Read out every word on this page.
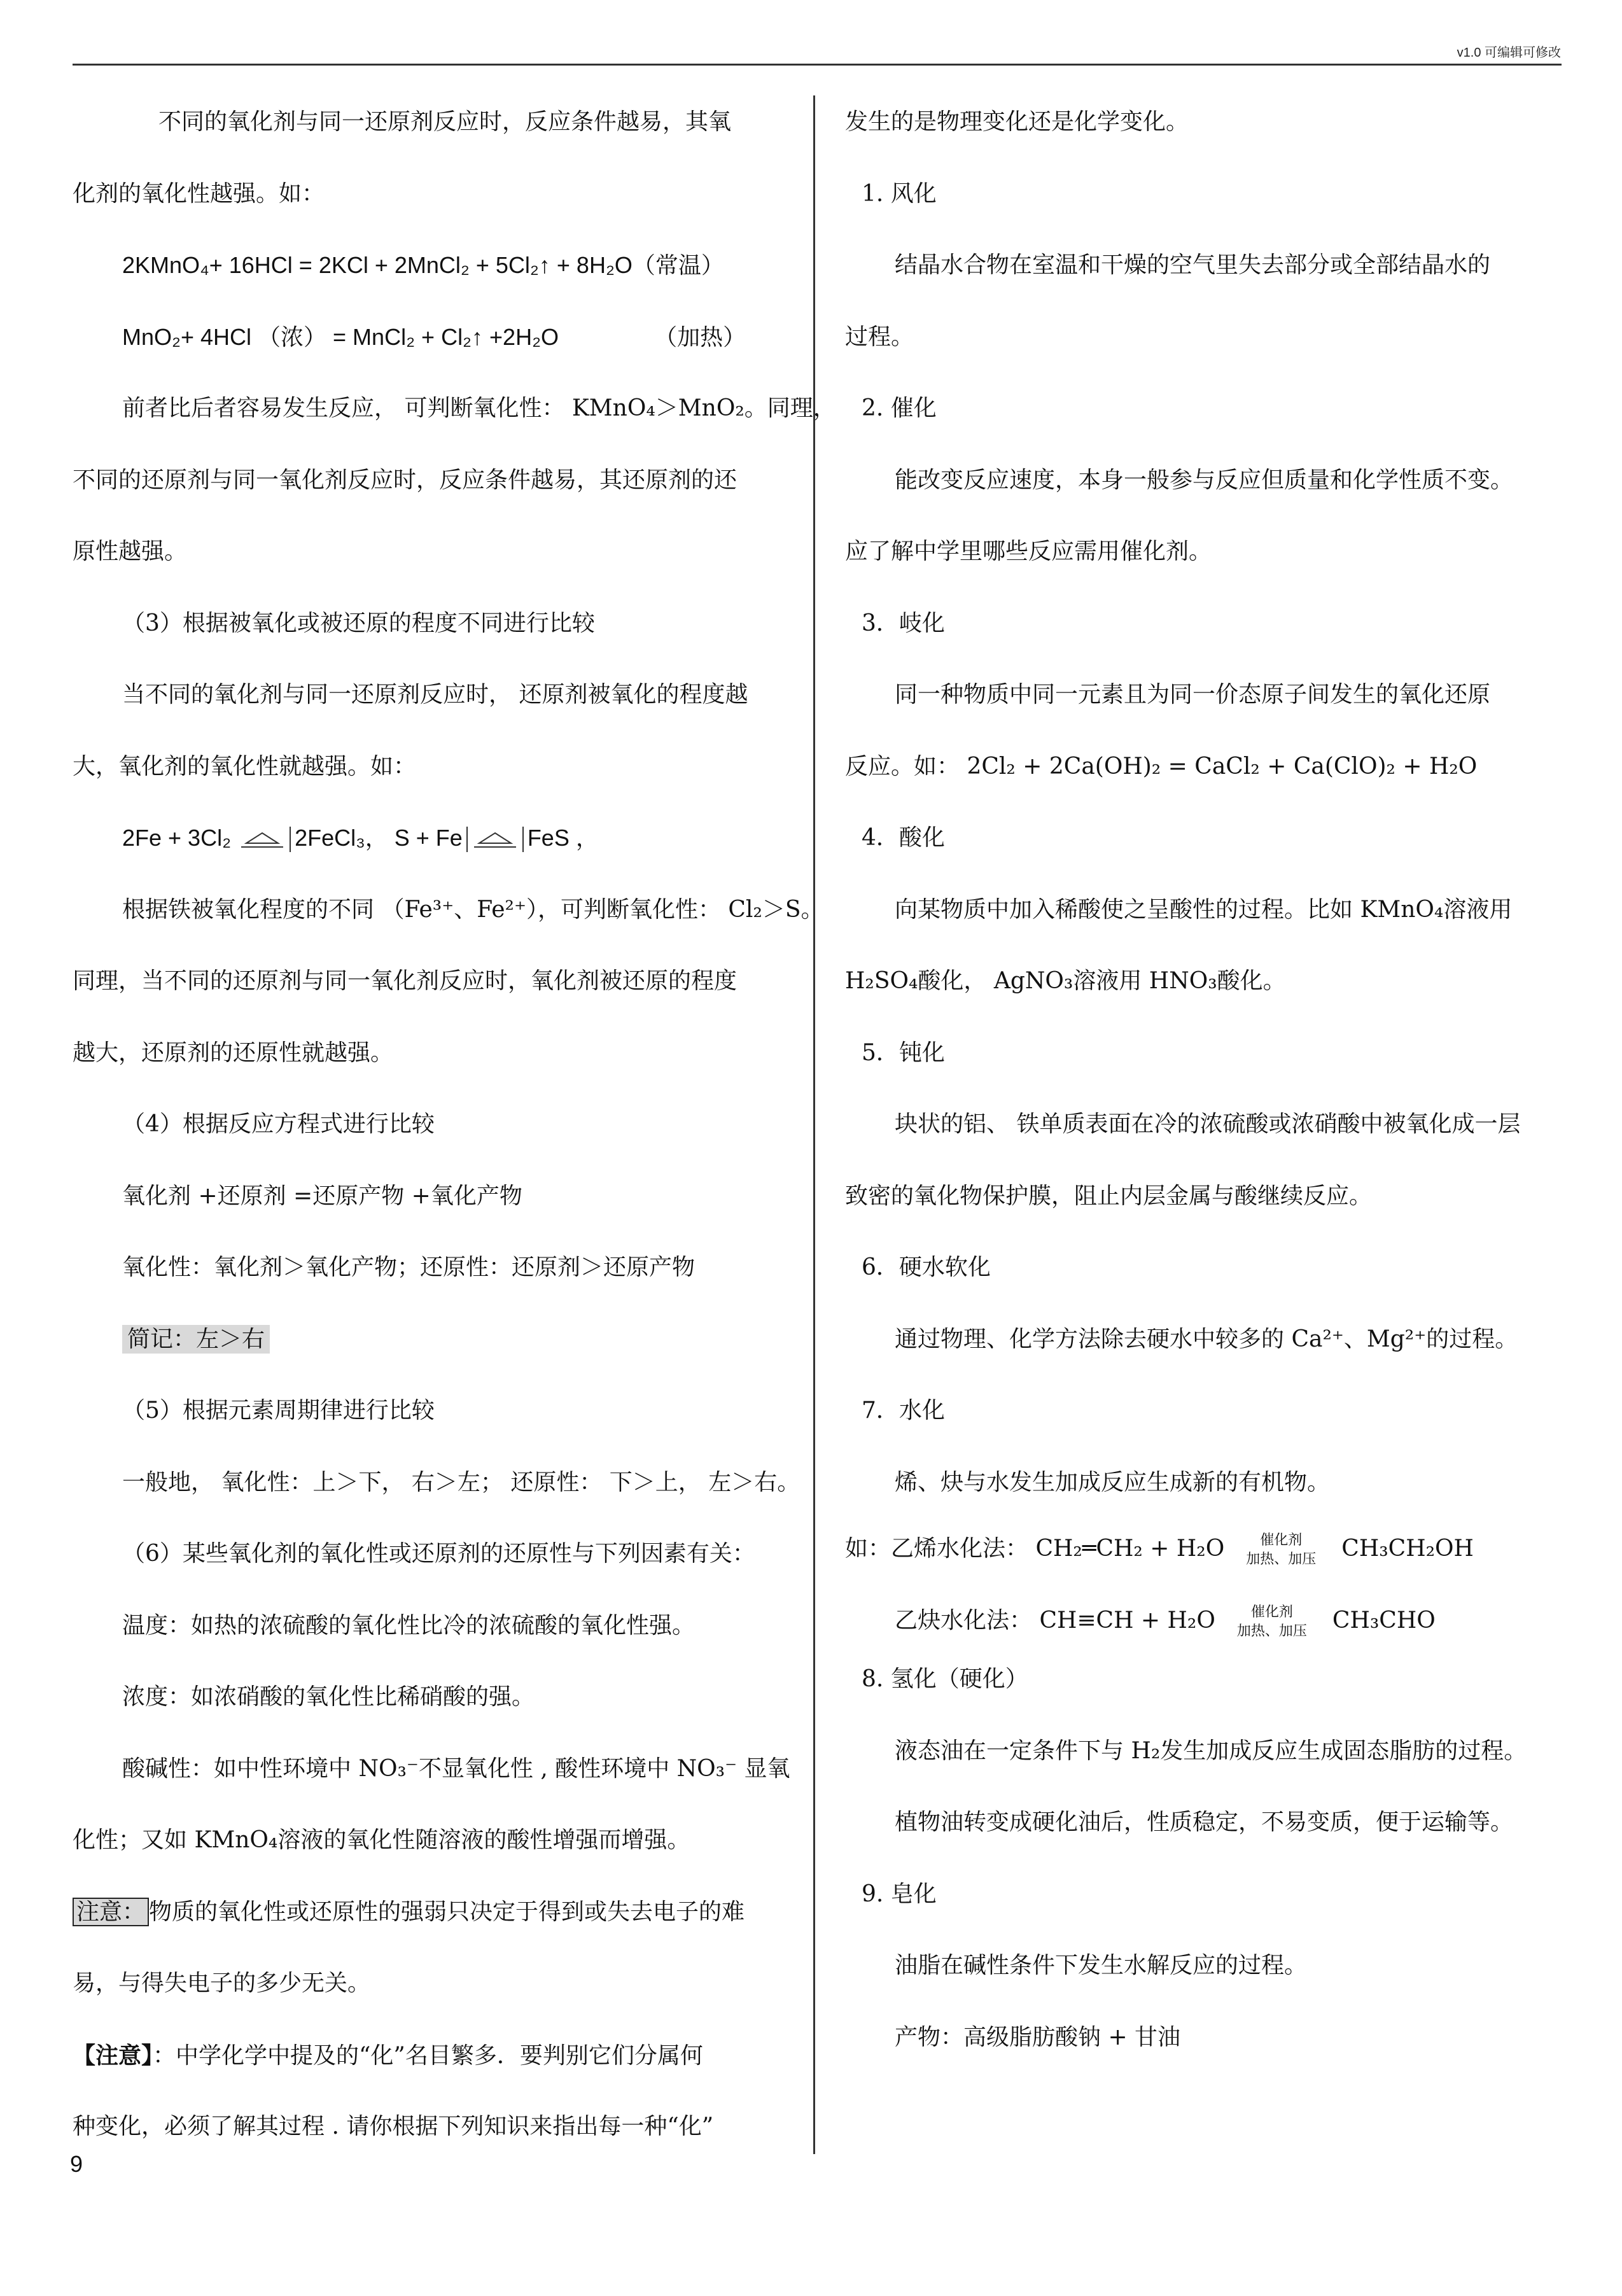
v1.0 可编辑可修改
不同的氧化剂与同一还原剂反应时，反应条件越易，其氧
化剂的氧化性越强。如：
2KMnO₄+ 16HCl = 2KCl + 2MnCl₂ + 5Cl₂↑ + 8H₂O（常温）
MnO₂+ 4HCl （浓） = MnCl₂ + Cl₂↑ +2H₂O	（加热）
前者比后者容易发生反应， 可判断氧化性： KMnO₄＞MnO₂。同理，
不同的还原剂与同一氧化剂反应时，反应条件越易，其还原剂的还
原性越强。
（3）根据被氧化或被还原的程度不同进行比较
当不同的氧化剂与同一还原剂反应时， 还原剂被氧化的程度越
大，氧化剂的氧化性就越强。如：
2Fe + 3Cl₂	2FeCl₃， S + Fe	FeS ，
根据铁被氧化程度的不同 （Fe³⁺、Fe²⁺），可判断氧化性： Cl₂＞S。
同理，当不同的还原剂与同一氧化剂反应时，氧化剂被还原的程度
越大，还原剂的还原性就越强。
（4）根据反应方程式进行比较
氧化剂 +还原剂 =还原产物 +氧化产物
氧化性：氧化剂＞氧化产物；还原性：还原剂＞还原产物
简记：左＞右
（5）根据元素周期律进行比较
一般地， 氧化性：上＞下， 右＞左； 还原性： 下＞上， 左＞右。
（6）某些氧化剂的氧化性或还原剂的还原性与下列因素有关：
温度：如热的浓硫酸的氧化性比冷的浓硫酸的氧化性强。
浓度：如浓硝酸的氧化性比稀硝酸的强。
酸碱性：如中性环境中 NO₃⁻不显氧化性 , 酸性环境中 NO₃⁻ 显氧
化性；又如 KMnO₄溶液的氧化性随溶液的酸性增强而增强。
注意： 物质的氧化性或还原性的强弱只决定于得到或失去电子的难
易，与得失电子的多少无关。
【注意】：中学化学中提及的“化”名目繁多．要判别它们分属何
种变化，必须了解其过程 . 请你根据下列知识来指出每一种“化”
发生的是物理变化还是化学变化。
1. 风化
结晶水合物在室温和干燥的空气里失去部分或全部结晶水的
过程。
2. 催化
能改变反应速度，本身一般参与反应但质量和化学性质不变。
应了解中学里哪些反应需用催化剂。
3．岐化
同一种物质中同一元素且为同一价态原子间发生的氧化还原
反应。如： 2Cl₂ + 2Ca(OH)₂ = CaCl₂ + Ca(ClO)₂ + H₂O
4．酸化
向某物质中加入稀酸使之呈酸性的过程。比如 KMnO₄溶液用
H₂SO₄酸化， AgNO₃溶液用 HNO₃酸化。
5．钝化
块状的铝、 铁单质表面在冷的浓硫酸或浓硝酸中被氧化成一层
致密的氧化物保护膜，阻止内层金属与酸继续反应。
6．硬水软化
通过物理、化学方法除去硬水中较多的 Ca²⁺、Mg²⁺的过程。
7．水化
烯、炔与水发生加成反应生成新的有机物。
如：乙烯水化法： CH₂═CH₂ + H₂O	催化剂
加热、加压 CH₃CH₂OH
乙炔水化法： CH≡CH + H₂O	催化剂
加热、加压 CH₃CHO
8. 氢化（硬化）
液态油在一定条件下与 H₂发生加成反应生成固态脂肪的过程。
植物油转变成硬化油后，性质稳定，不易变质，便于运输等。
9. 皂化
油脂在碱性条件下发生水解反应的过程。
产物：高级脂肪酸钠 + 甘油
9
